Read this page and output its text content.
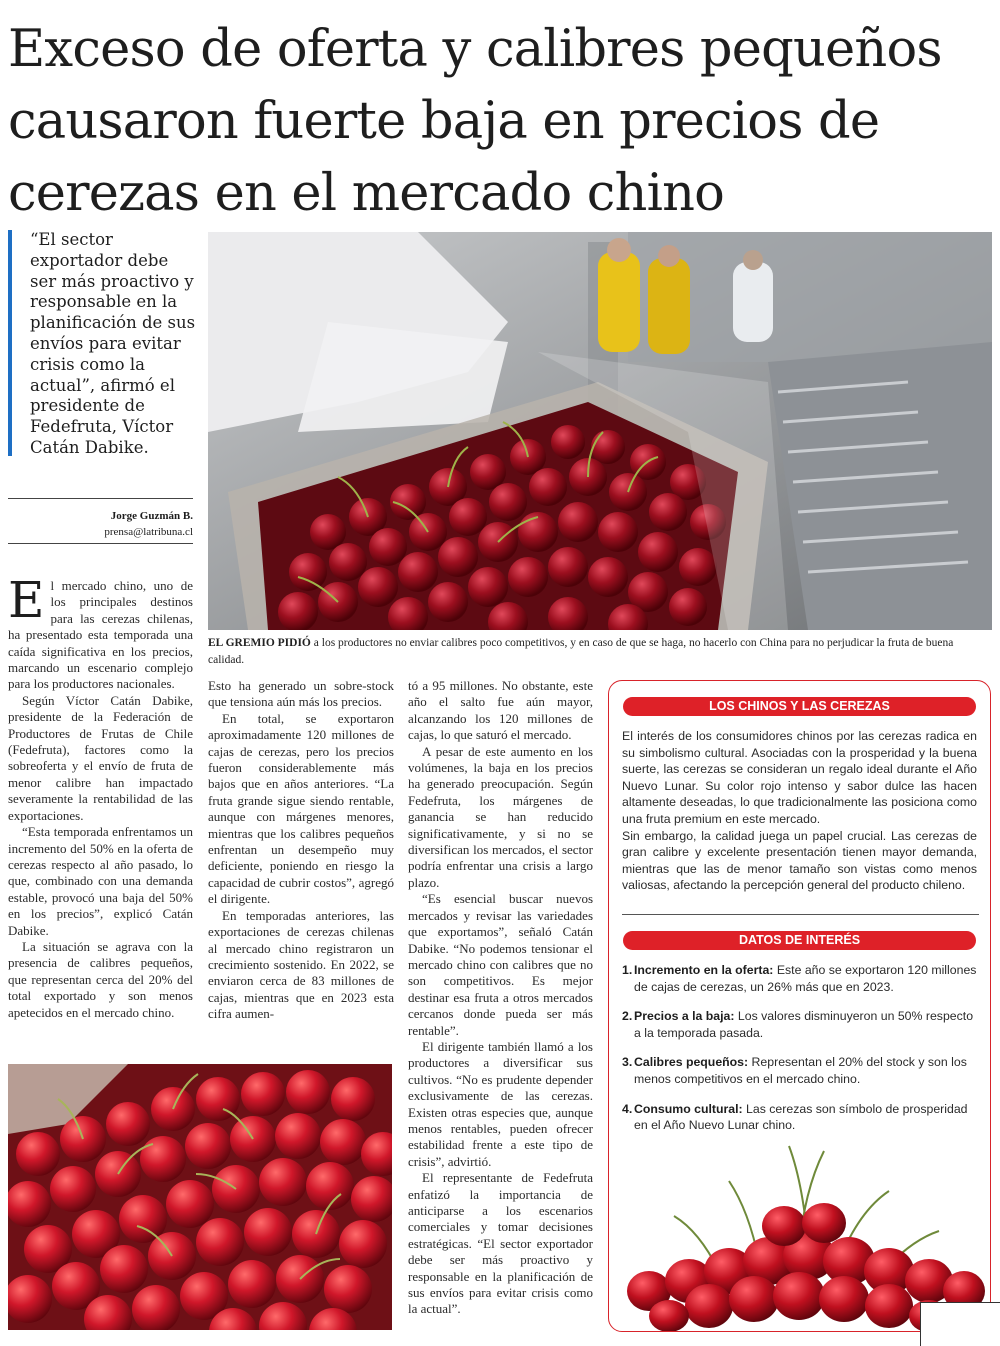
Exceso de oferta y calibres pequeños causaron fuerte baja en precios de cerezas en el mercado chino
“El sector exportador debe ser más proactivo y responsable en la planificación de sus envíos para evitar crisis como la actual”, afirmó el presidente de Fedefruta, Víctor Catán Dabike.
Jorge Guzmán B.
prensa@latribuna.cl
EL GREMIO PIDIÓ a los productores no enviar calibres poco competitivos, y en caso de que se haga, no hacerlo con China para no perjudicar la fruta de buena calidad.

El mercado chino, uno de los principales destinos para las cerezas chilenas, ha presentado esta temporada una caída significativa en los precios, marcando un escenario complejo para los productores nacionales.

Según Víctor Catán Dabike, presidente de la Federación de Productores de Frutas de Chile (Fedefruta), factores como la sobreoferta y el envío de fruta de menor calibre han impactado severamente la rentabilidad de las exportaciones.

“Esta temporada enfrentamos un incremento del 50% en la oferta de cerezas respecto al año pasado, lo que, combinado con una demanda estable, provocó una baja del 50% en los precios”, explicó Catán Dabike.

La situación se agrava con la presencia de calibres pequeños, que representan cerca del 20% del total exportado y son menos apetecidos en el mercado chino.

Esto ha generado un sobre-stock que tensiona aún más los precios.

En total, se exportaron aproximadamente 120 millones de cajas de cerezas, pero los precios fueron considerablemente más bajos que en años anteriores. “La fruta grande sigue siendo rentable, aunque con márgenes menores, mientras que los calibres pequeños enfrentan un desempeño muy deficiente, poniendo en riesgo la capacidad de cubrir costos”, agregó el dirigente.

En temporadas anteriores, las exportaciones de cerezas chilenas al mercado chino registraron un crecimiento sostenido. En 2022, se enviaron cerca de 83 millones de cajas, mientras que en 2023 esta cifra aumen-

tó a 95 millones. No obstante, este año el salto fue aún mayor, alcanzando los 120 millones de cajas, lo que saturó el mercado.

A pesar de este aumento en los volúmenes, la baja en los precios ha generado preocupación. Según Fedefruta, los márgenes de ganancia se han reducido significativamente, y si no se diversifican los mercados, el sector podría enfrentar una crisis a largo plazo.

“Es esencial buscar nuevos mercados y revisar las variedades que exportamos”, señaló Catán Dabike. “No podemos tensionar el mercado chino con calibres que no son competitivos. Es mejor destinar esa fruta a otros mercados cercanos donde pueda ser más rentable”.

El dirigente también llamó a los productores a diversificar sus cultivos. “No es prudente depender exclusivamente de las cerezas. Existen otras especies que, aunque menos rentables, pueden ofrecer estabilidad frente a este tipo de crisis”, advirtió.

El representante de Fedefruta enfatizó la importancia de anticiparse a los escenarios comerciales y tomar decisiones estratégicas. “El sector exportador debe ser más proactivo y responsable en la planificación de sus envíos para evitar crisis como la actual”.

LOS CHINOS Y LAS CEREZAS

El interés de los consumidores chinos por las cerezas radica en su simbolismo cultural. Asociadas con la prosperidad y la buena suerte, las cerezas se consideran un regalo ideal durante el Año Nuevo Lunar. Su color rojo intenso y sabor dulce las hacen altamente deseadas, lo que tradicionalmente las posiciona como una fruta premium en este mercado.

Sin embargo, la calidad juega un papel crucial. Las cerezas de gran calibre y excelente presentación tienen mayor demanda, mientras que las de menor tamaño son vistas como menos valiosas, afectando la percepción general del producto chileno.

DATOS DE INTERÉS
1. Incremento en la oferta: Este año se exportaron 120 millones de cajas de cerezas, un 26% más que en 2023.
2. Precios a la baja: Los valores disminuyeron un 50% respecto a la temporada pasada.
3. Calibres pequeños: Representan el 20% del stock y son los menos competitivos en el mercado chino.
4. Consumo cultural: Las cerezas son símbolo de prosperidad en el Año Nuevo Lunar chino.
